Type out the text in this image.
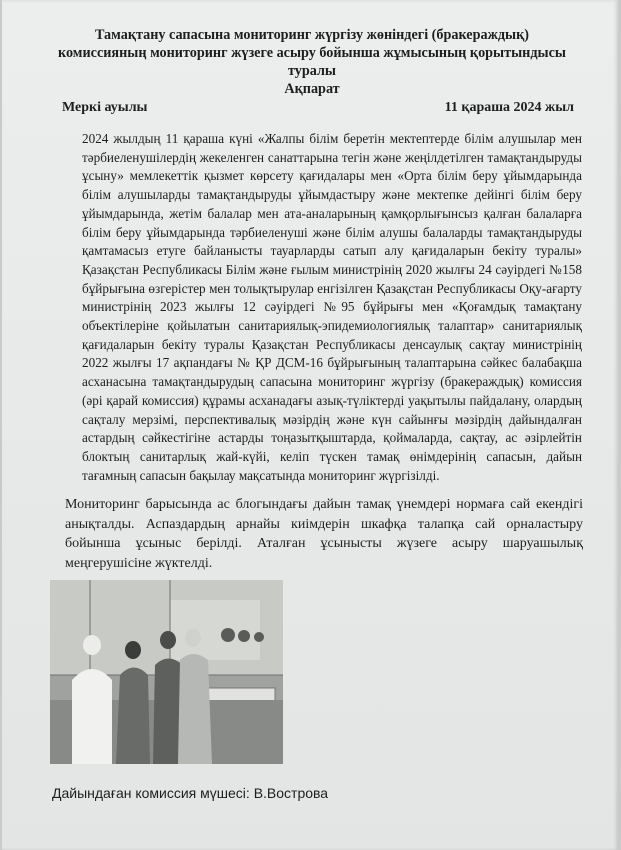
Тамақтану сапасына мониторинг жүргізу жөніндегі (бракераждық)
комиссияның мониторинг жүзеге асыру бойынша жұмысының қорытындысы
туралы
Ақпарат
Меркі ауылы	11 қараша 2024 жыл

2024 жылдың 11 қараша күні «Жалпы білім беретін мектептерде білім алушылар мен тәрбиеленушілердің жекеленген санаттарына тегін және жеңілдетілген тамақтандыруды ұсыну» мемлекеттік қызмет көрсету қағидалары мен «Орта білім беру ұйымдарында білім алушыларды тамақтандыруды ұйымдастыру және мектепке дейінгі білім беру ұйымдарында, жетім балалар мен ата-аналарының қамқорлығынсыз қалған балаларға білім беру ұйымдарында тәрбиеленуші және білім алушы балаларды тамақтандыруды қамтамасыз етуге байланысты тауарларды сатып алу қағидаларын бекіту туралы» Қазақстан Республикасы Білім және ғылым министрінің 2020 жылғы 24 сәуірдегі №158 бұйрығына өзгерістер мен толықтырулар енгізілген Қазақстан Республикасы Оқу-ағарту министрінің 2023 жылғы 12 сәуірдегі №95 бұйрығы мен «Қоғамдық тамақтану объектілеріне қойылатын санитариялық-эпидемиологиялық талаптар» санитариялық қағидаларын бекіту туралы Қазақстан Республикасы денсаулық сақтау министрінің 2022 жылғы 17 ақпандағы № ҚР ДСМ-16 бұйрығының талаптарына сәйкес балабақша асханасына тамақтандырудың сапасына мониторинг жүргізу (бракераждық) комиссия (әрі қарай комиссия) құрамы асханадағы азық-түліктерді уақытылы пайдалану, олардың сақталу мерзімі, перспективалық мәзірдің және күн сайынғы мәзірдің дайындалған астардың сәйкестігіне астарды тоңазытқыштарда, қоймаларда, сақтау, ас әзірлейтін блоктың санитарлық жай-күйі, келіп түскен тамақ өнімдерінің сапасын, дайын тағамның сапасын бақылау мақсатында мониторинг жүргізілді.

Мониторинг барысында ас блогындағы дайын тамақ үнемдері нормаға сай екендігі анықталды. Аспаздардың арнайы киімдерін шкафқа талапқа сай орналастыру бойынша ұсыныс берілді. Аталған ұсынысты жүзеге асыру шаруашылық меңгерушісіне жүктелді.

Дайындаған комиссия мүшесі: В.Вострова
